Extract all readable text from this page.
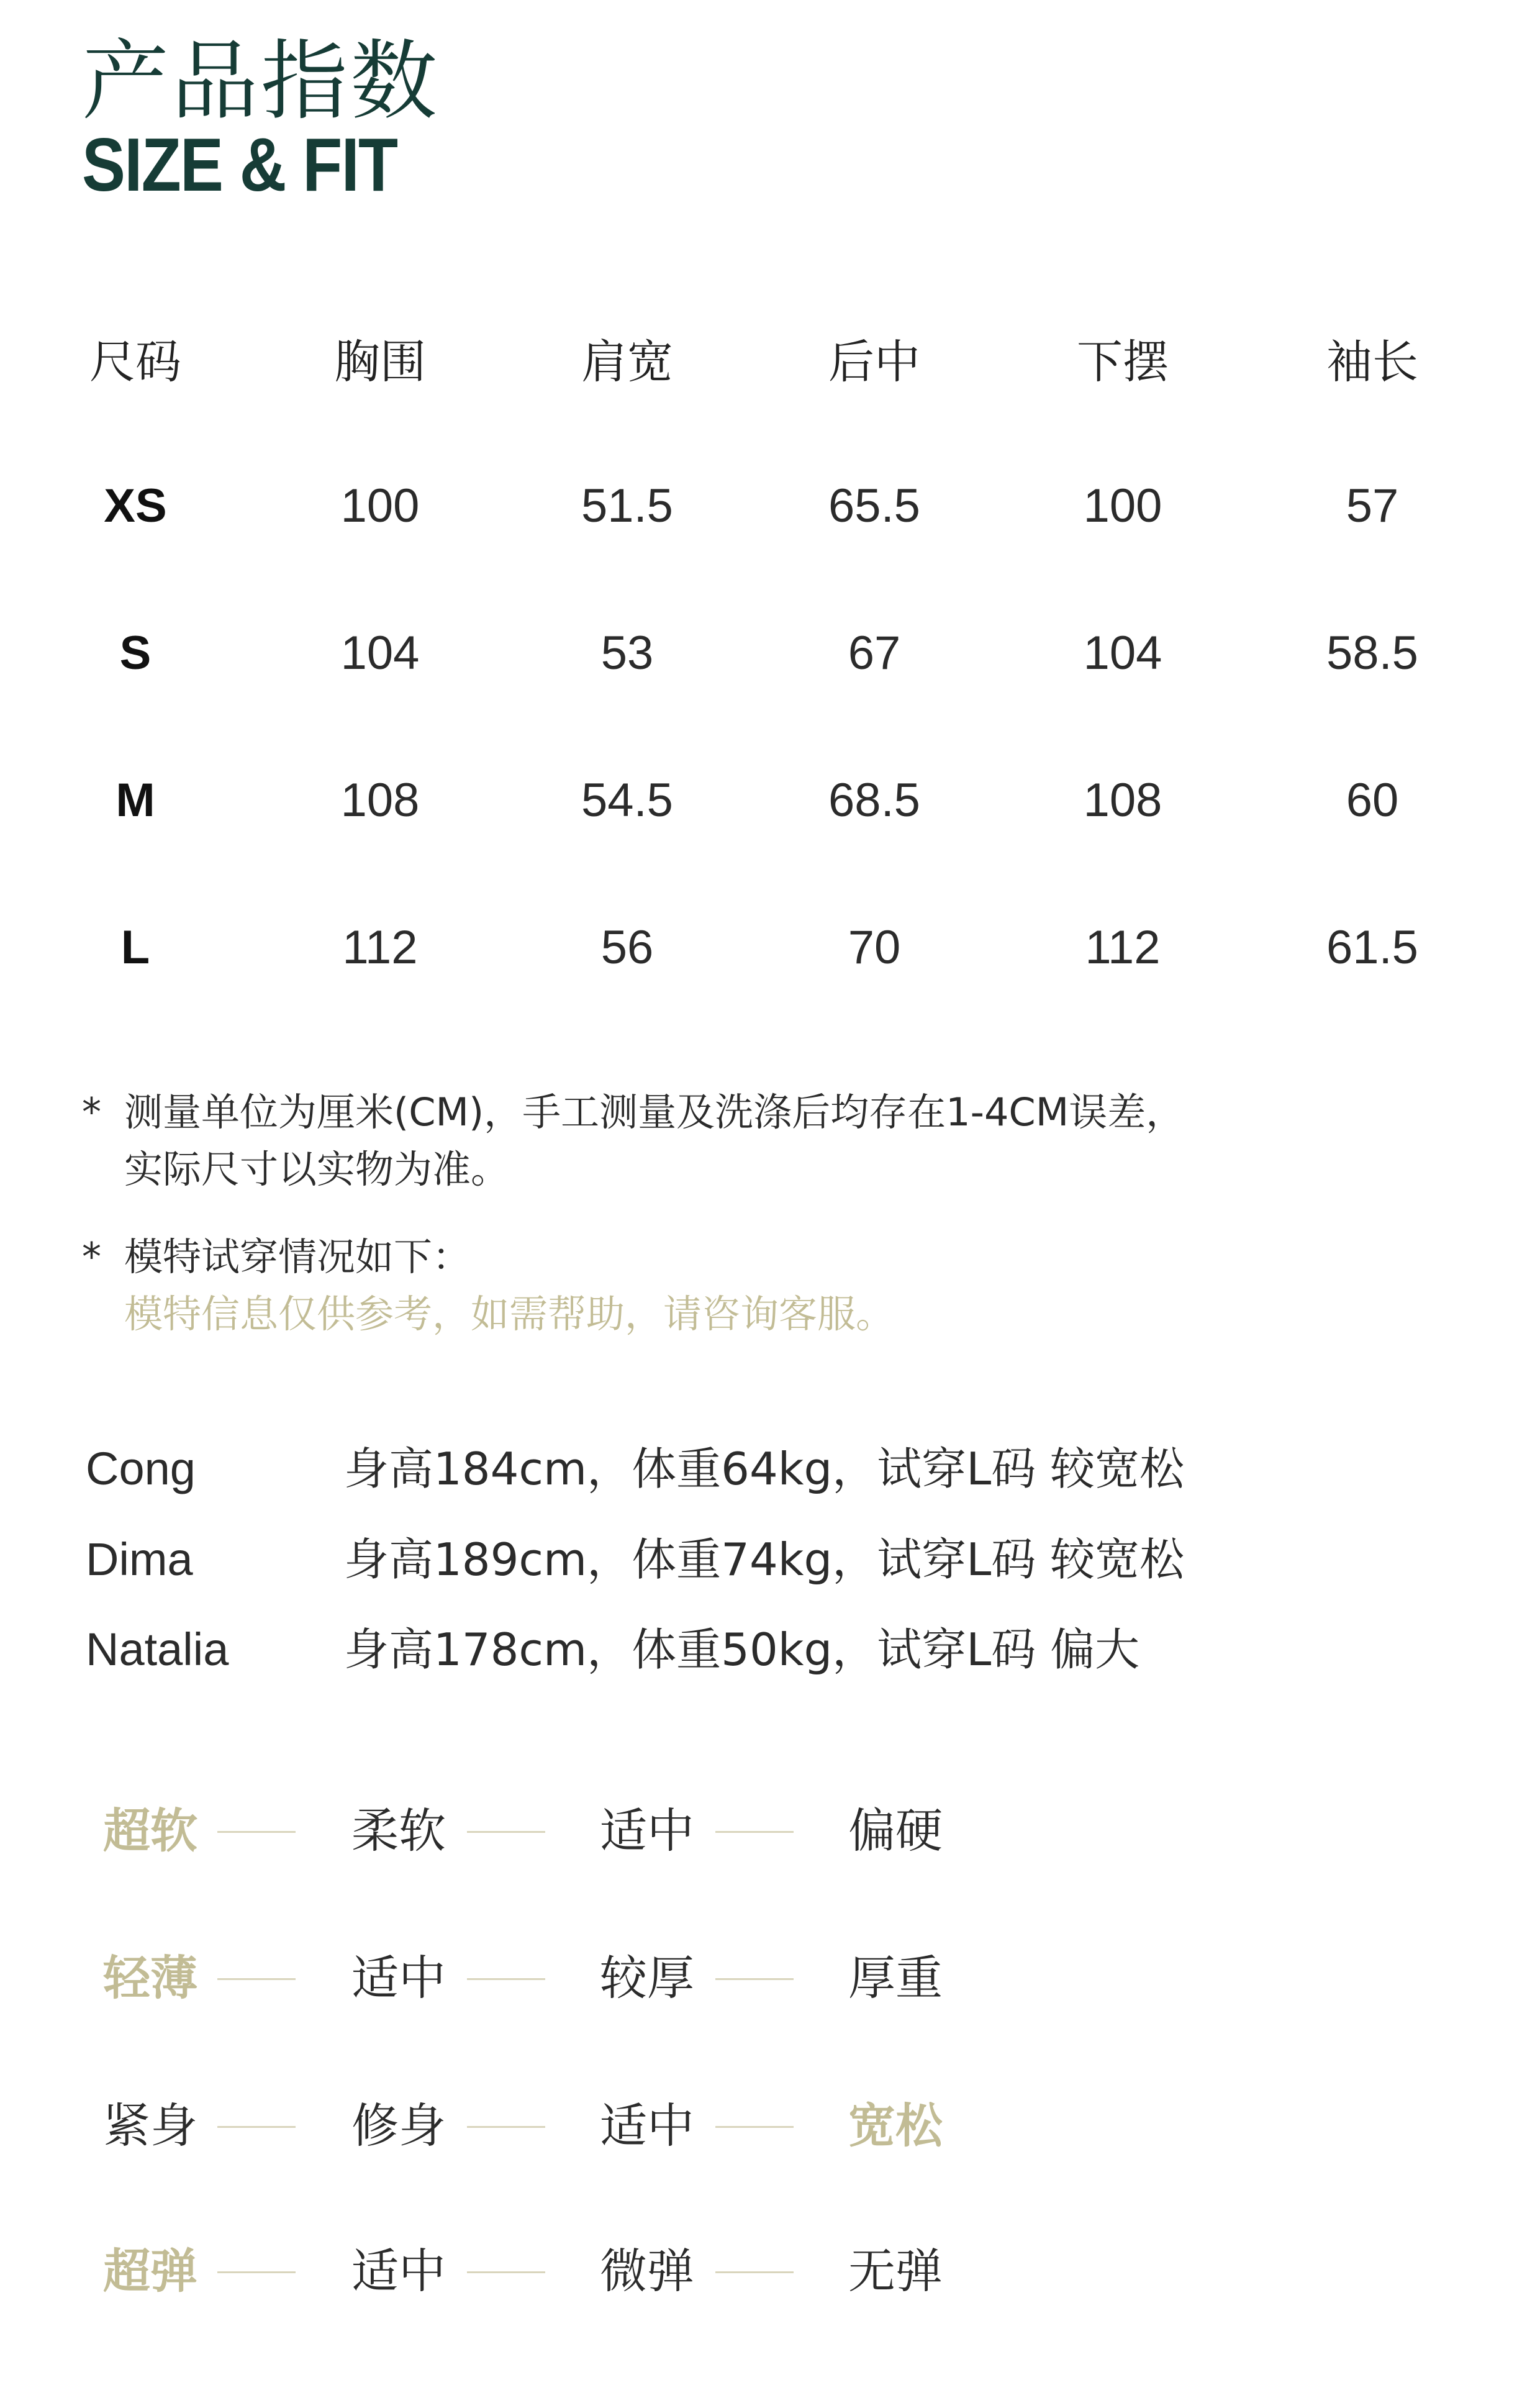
产品指数
SIZE & FIT
尺码	胸围	肩宽	后中	下摆	袖长
XS	100	51.5	65.5	100	57
S	104	53	67	104	58.5
M	108	54.5	68.5	108	60
L	112	56	70	112	61.5
* 测量单位为厘米(CM)，手工测量及洗涤后均存在1-4CM误差，
实际尺寸以实物为准。
* 模特试穿情况如下：
模特信息仅供参考，如需帮助，请咨询客服。
Cong	身高184cm，体重64kg，试穿L码 较宽松
Dima	身高189cm，体重74kg，试穿L码 较宽松
Natalia	身高178cm，体重50kg，试穿L码 偏大
超软	柔软	适中	偏硬
轻薄	适中	较厚	厚重
紧身	修身	适中	宽松
超弹	适中	微弹	无弹
